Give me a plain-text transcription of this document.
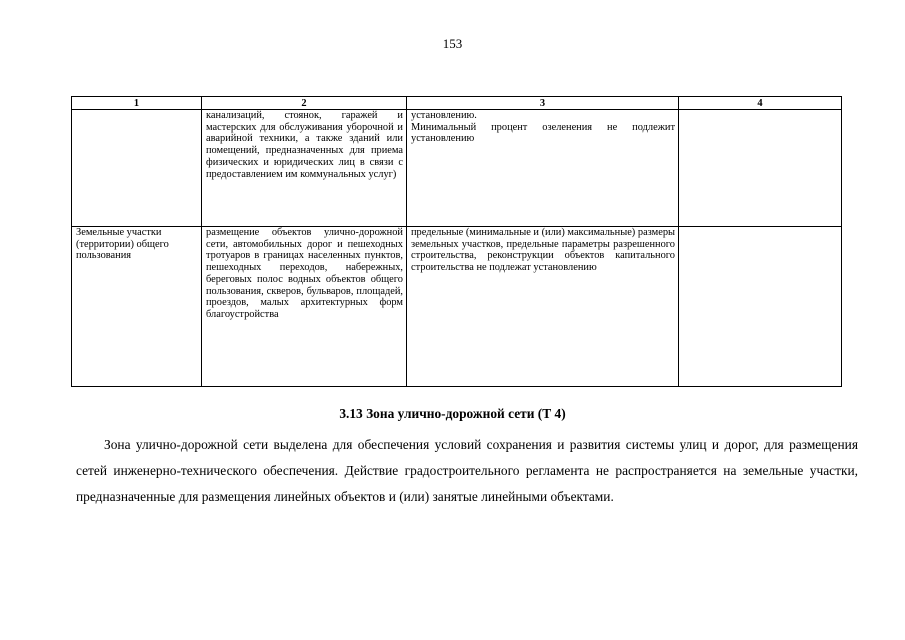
153
1	2	3	4
	канализаций, стоянок, гаражей и мастерских для обслуживания уборочной и аварийной техники, а также зданий или помещений, предназначенных для приема физических и юридических лиц в связи с предоставлением им коммунальных услуг)	установлению.
Минимальный процент озеленения не подлежит установлению	

Земельные участки (территории) общего пользования	размещение объектов улично-дорожной сети, автомобильных дорог и пешеходных тротуаров в границах населенных пунктов, пешеходных переходов, набережных, береговых полос водных объектов общего пользования, скверов, бульваров, площадей, проездов, малых архитектурных форм благоустройства	предельные (минимальные и (или) максимальные) размеры земельных участков, предельные параметры разрешенного строительства, реконструкции объектов капитального строительства не подлежат установлению	
3.13 Зона улично-дорожной сети (Т 4)

Зона улично-дорожной сети выделена для обеспечения условий сохранения и развития системы улиц и дорог, для размещения сетей инженерно-технического обеспечения. Действие градостроительного регламента не распространяется на земельные участки, предназначенные для размещения линейных объектов и (или) занятые линейными объектами.
